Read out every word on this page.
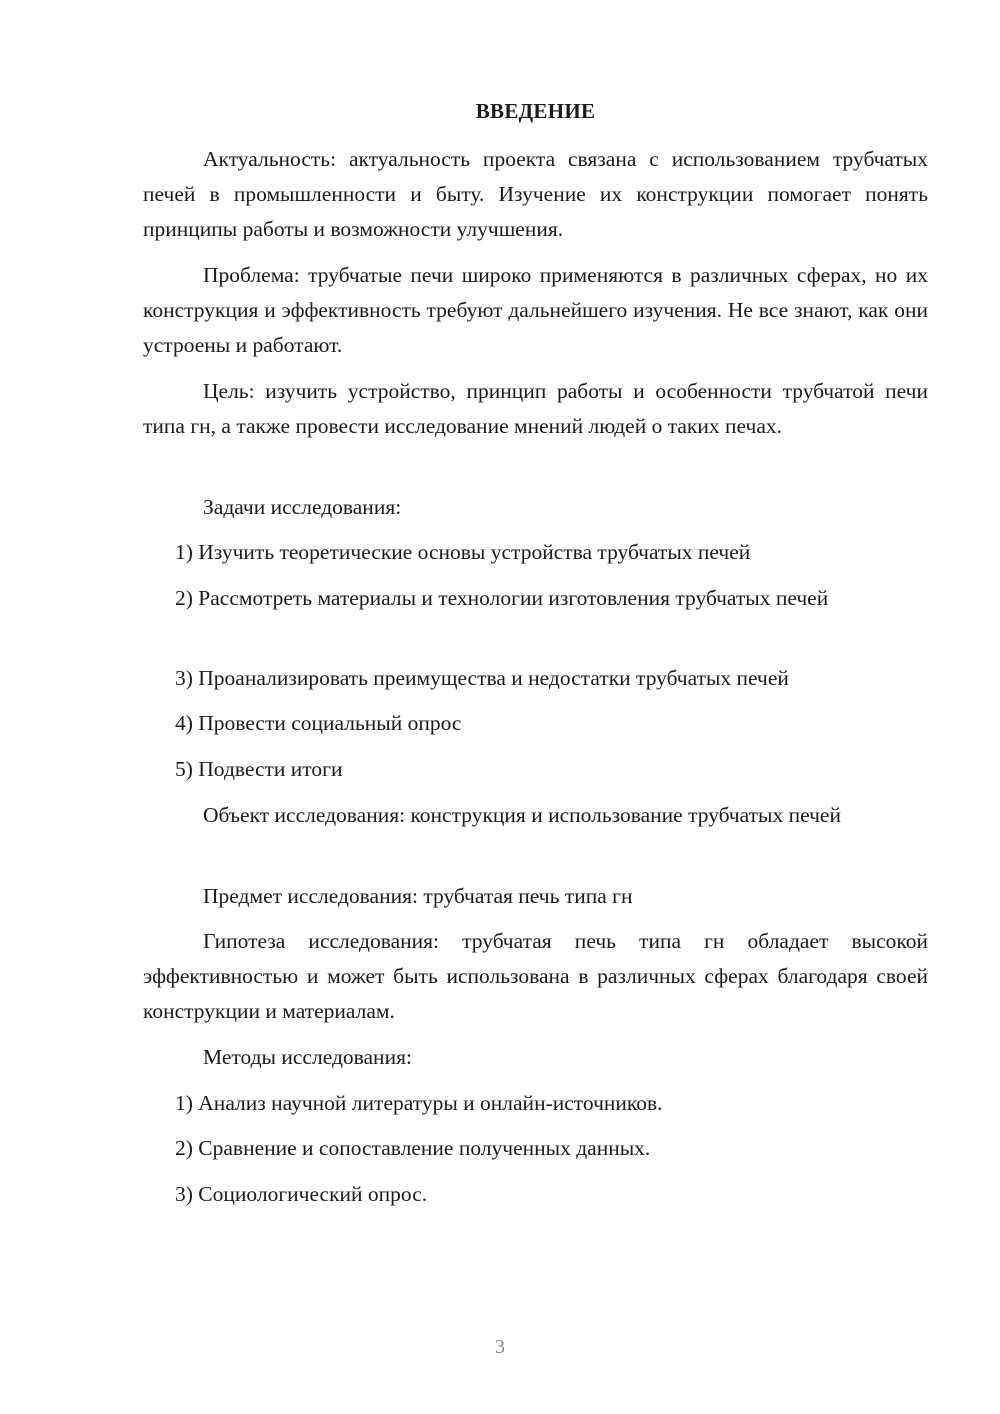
ВВЕДЕНИЕ

Актуальность: актуальность проекта связана с использованием трубчатых печей в промышленности и быту. Изучение их конструкции помогает понять принципы работы и возможности улучшения.

Проблема: трубчатые печи широко применяются в различных сферах, но их конструкция и эффективность требуют дальнейшего изучения. Не все знают, как они устроены и работают.

Цель: изучить устройство, принцип работы и особенности трубчатой печи типа гн, а также провести исследование мнений людей о таких печах.

Задачи исследования:

1) Изучить теоретические основы устройства трубчатых печей

2) Рассмотреть материалы и технологии изготовления трубчатых печей

3) Проанализировать преимущества и недостатки трубчатых печей

4) Провести социальный опрос

5) Подвести итоги

Объект исследования: конструкция и использование трубчатых печей

Предмет исследования: трубчатая печь типа гн

Гипотеза исследования: трубчатая печь типа гн обладает высокой эффективностью и может быть использована в различных сферах благодаря своей конструкции и материалам.

Методы исследования:

1) Анализ научной литературы и онлайн-источников.

2) Сравнение и сопоставление полученных данных.

3) Социологический опрос.

3
